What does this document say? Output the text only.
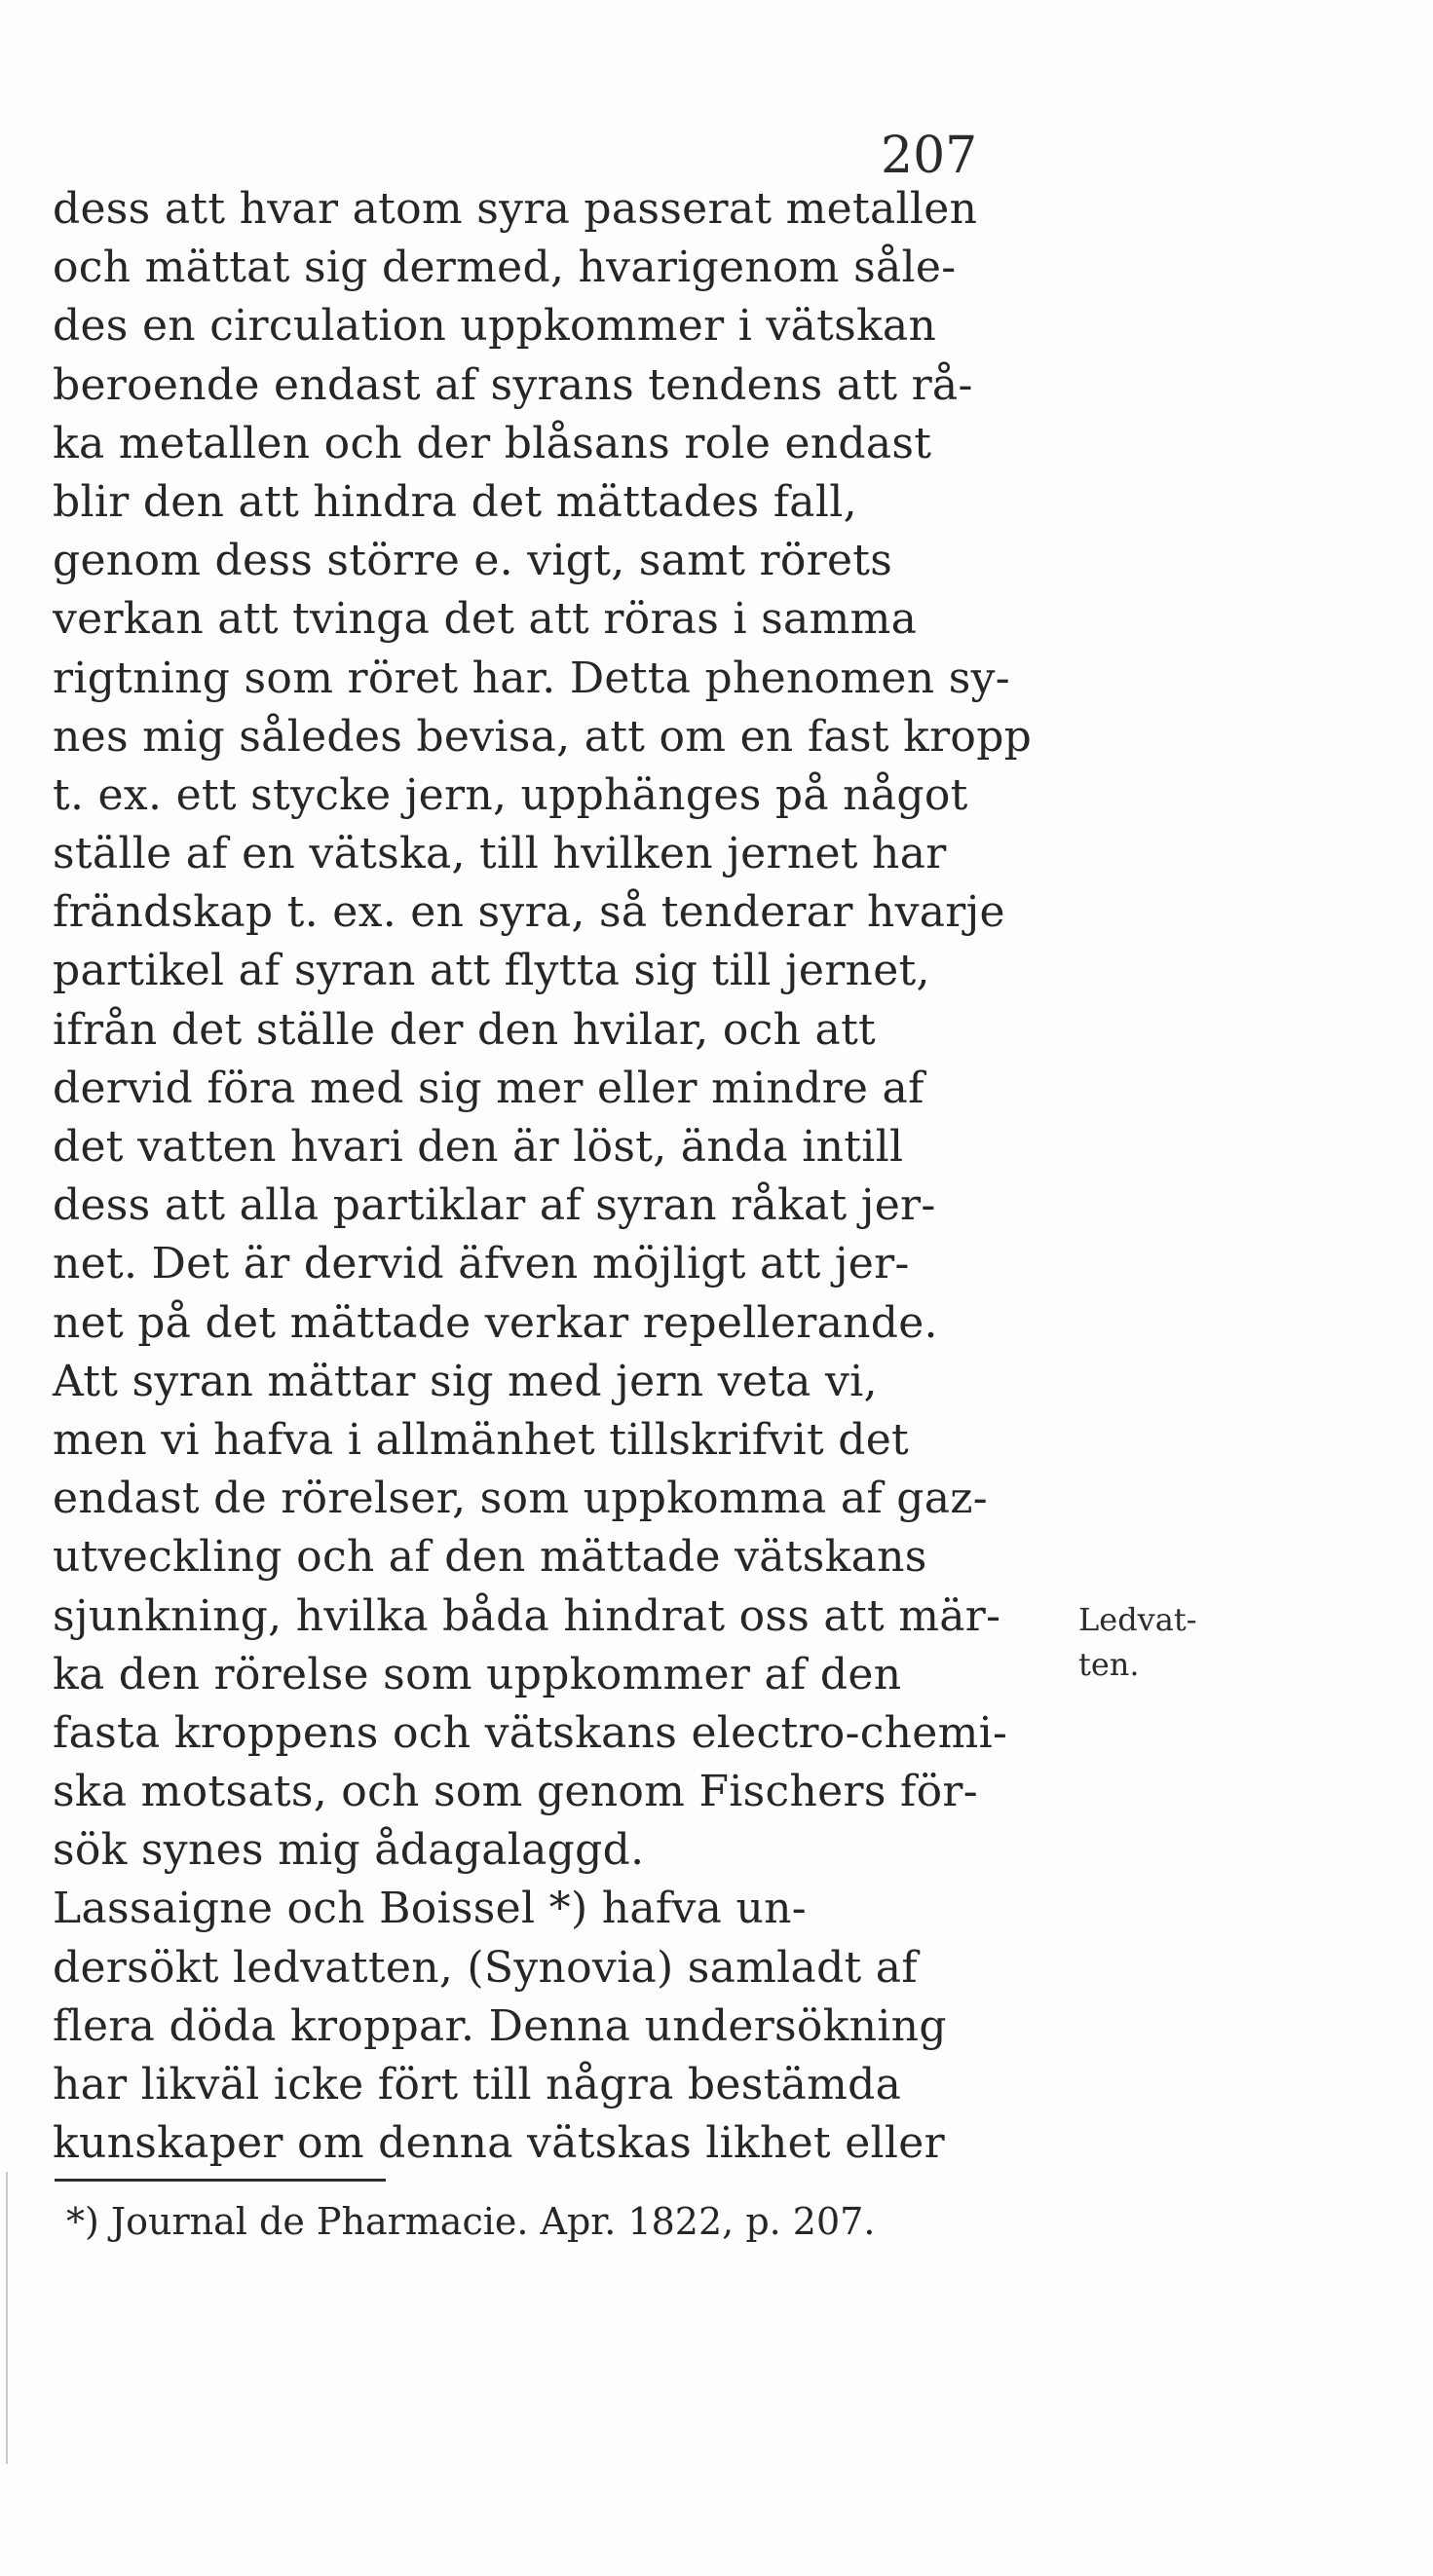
207
dess att hvar atom syra passerat metallen
och mättat sig dermed, hvarigenom såle-
des en circulation uppkommer i vätskan
beroende endast af syrans tendens att rå-
ka metallen och der blåsans role endast
blir den att hindra det mättades fall,
genom dess större e. vigt, samt rörets
verkan att tvinga det att röras i samma
rigtning som röret har. Detta phenomen sy-
nes mig således bevisa, att om en fast kropp
t. ex. ett stycke jern, upphänges på något
ställe af en vätska, till hvilken jernet har
frändskap t. ex. en syra, så tenderar hvarje
partikel af syran att flytta sig till jernet,
ifrån det ställe der den hvilar, och att
dervid föra med sig mer eller mindre af
det vatten hvari den är löst, ända intill
dess att alla partiklar af syran råkat jer-
net. Det är dervid äfven möjligt att jer-
net på det mättade verkar repellerande.
Att syran mättar sig med jern veta vi,
men vi hafva i allmänhet tillskrifvit det
endast de rörelser, som uppkomma af gaz-
utveckling och af den mättade vätskans
sjunkning, hvilka båda hindrat oss att mär-
ka den rörelse som uppkommer af den
fasta kroppens och vätskans electro-chemi-
ska motsats, och som genom Fischers för-
sök synes mig ådagalaggd.
Lassaigne och Boissel *) hafva un-
dersökt ledvatten, (Synovia) samladt af
flera döda kroppar. Denna undersökning
har likväl icke fört till några bestämda
kunskaper om denna vätskas likhet eller
Ledvat-
ten.
*) Journal de Pharmacie. Apr. 1822, p. 207.
